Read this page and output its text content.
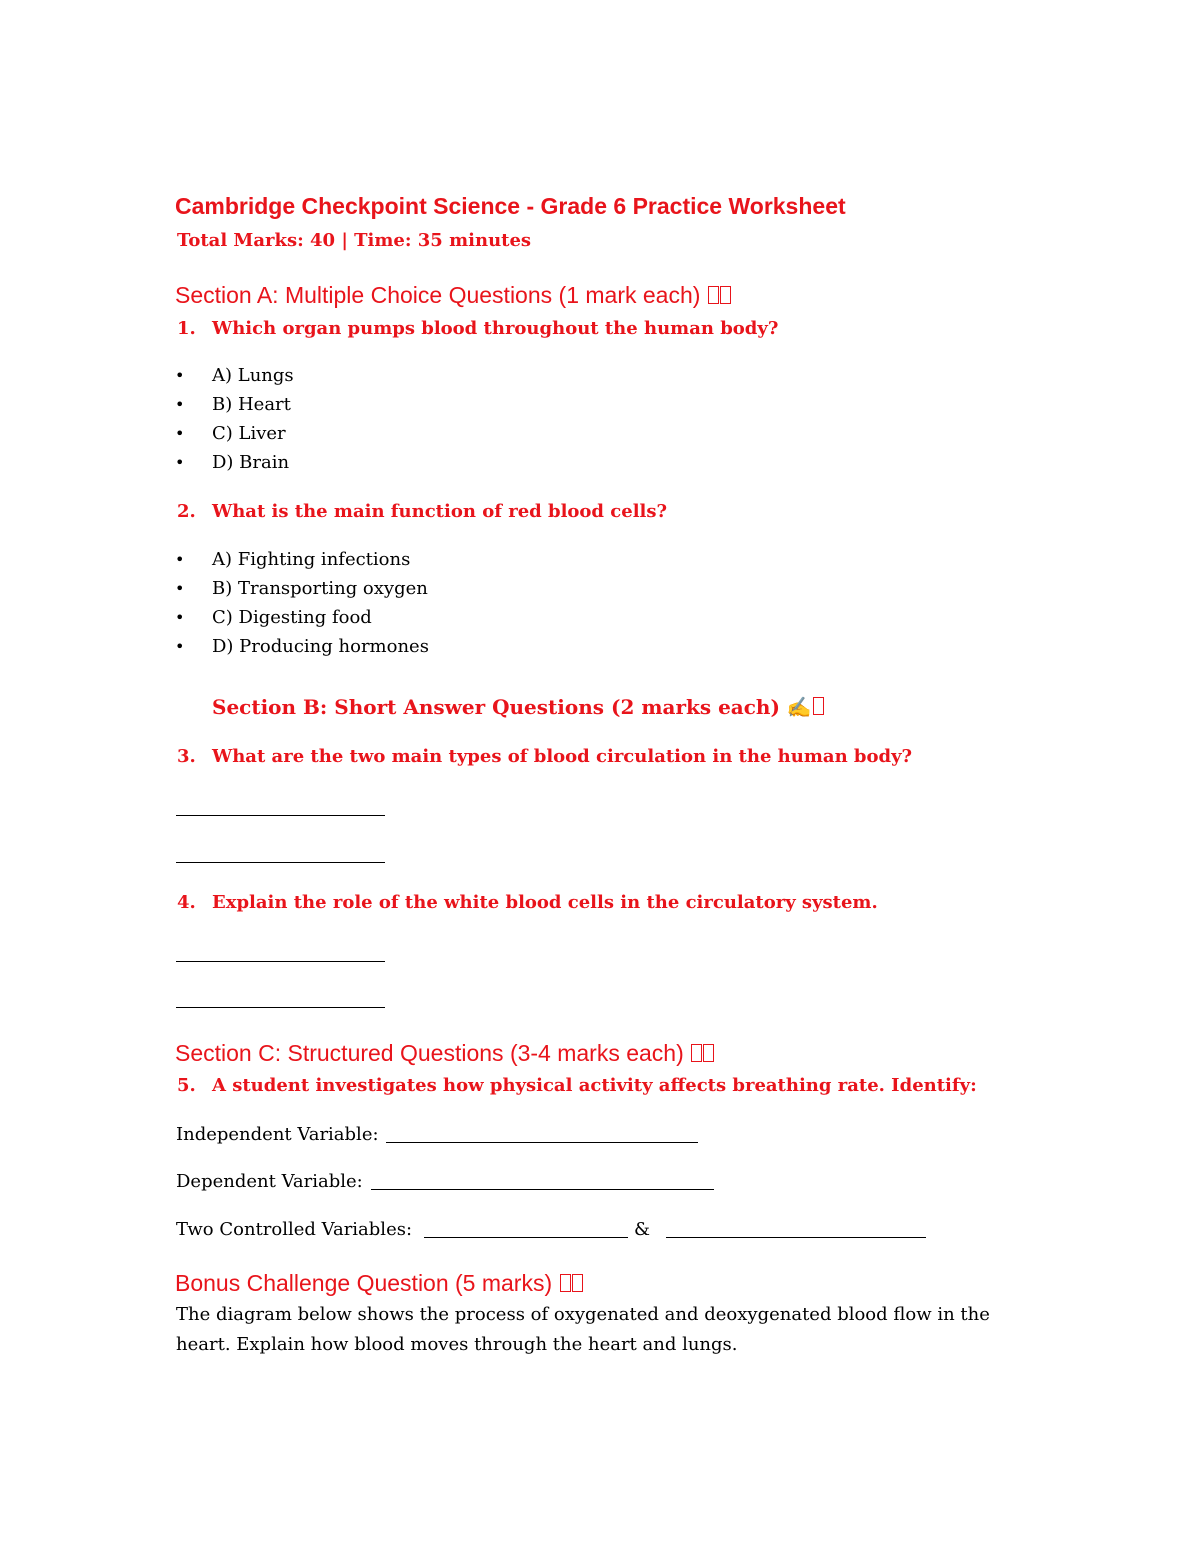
Cambridge Checkpoint Science - Grade 6 Practice Worksheet
Total Marks: 40 | Time: 35 minutes
Section A: Multiple Choice Questions (1 mark each)
1. Which organ pumps blood throughout the human body?
• A) Lungs
• B) Heart
• C) Liver
• D) Brain
2. What is the main function of red blood cells?
• A) Fighting infections
• B) Transporting oxygen
• C) Digesting food
• D) Producing hormones
Section B: Short Answer Questions (2 marks each) ✍
3. What are the two main types of blood circulation in the human body?
4. Explain the role of the white blood cells in the circulatory system.
Section C: Structured Questions (3-4 marks each)
5. A student investigates how physical activity affects breathing rate. Identify:
Independent Variable:
Dependent Variable:
Two Controlled Variables:	&
Bonus Challenge Question (5 marks)
The diagram below shows the process of oxygenated and deoxygenated blood flow in the
heart. Explain how blood moves through the heart and lungs.
